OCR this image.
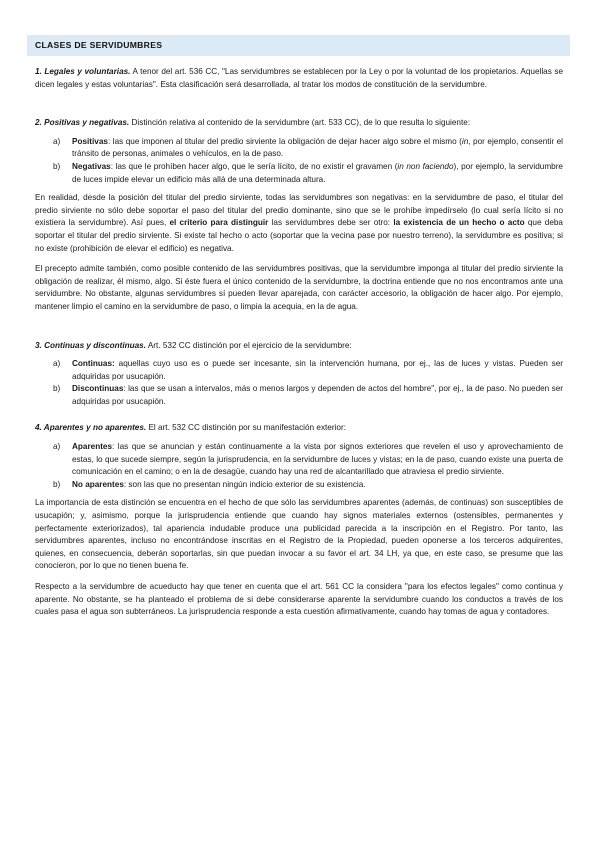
CLASES DE SERVIDUMBRES

1. Legales y voluntarias. A tenor del art. 536 CC, "Las servidumbres se establecen por la Ley o por la voluntad de los propietarios. Aquellas se dicen legales y estas voluntarias". Esta clasificación será desarrollada, al tratar los modos de constitución de la servidumbre.

2. Positivas y negativas. Distinción relativa al contenido de la servidumbre (art. 533 CC), de lo que resulta lo siguiente:

a) Positivas: las que imponen al titular del predio sirviente la obligación de dejar hacer algo sobre el mismo (in, por ejemplo, consentir el tránsito de personas, animales o vehículos, en la de paso.
b) Negativas: las que le prohíben hacer algo, que le sería lícito, de no existir el gravamen (in non faciendo), por ejemplo, la servidumbre de luces impide elevar un edificio más allá de una determinada altura.

En realidad, desde la posición del titular del predio sirviente, todas las servidumbres son negativas: en la servidumbre de paso, el titular del predio sirviente no sólo debe soportar el paso del titular del predio dominante, sino que se le prohíbe impedírselo (lo cual sería lícito si no existiera la servidumbre). Así pues, el criterio para distinguir las servidumbres debe ser otro: la existencia de un hecho o acto que deba soportar el titular del predio sirviente. Si existe tal hecho o acto (soportar que la vecina pase por nuestro terreno), la servidumbre es positiva; si no existe (prohibición de elevar el edificio) es negativa.

El precepto admite también, como posible contenido de las servidumbres positivas, que la servidumbre imponga al titular del predio sirviente la obligación de realizar, él mismo, algo. Si éste fuera el único contenido de la servidumbre, la doctrina entiende que no nos encontramos ante una servidumbre. No obstante, algunas servidumbres sí pueden llevar aparejada, con carácter accesorio, la obligación de hacer algo. Por ejemplo, mantener limpio el camino en la servidumbre de paso, o limpia la acequia, en la de agua.

3. Continuas y discontinuas. Art. 532 CC distinción por el ejercicio de la servidumbre:

a) Continuas: aquellas cuyo uso es o puede ser incesante, sin la intervención humana, por ej., las de luces y vistas. Pueden ser adquiridas por usucapión.
b) Discontinuas: las que se usan a intervalos, más o menos largos y dependen de actos del hombre", por ej., la de paso. No pueden ser adquiridas por usucapión.

4. Aparentes y no aparentes. El art. 532 CC distinción por su manifestación exterior:

a) Aparentes: las que se anuncian y están continuamente a la vista por signos exteriores que revelen el uso y aprovechamiento de estas, lo que sucede siempre, según la jurisprudencia, en la servidumbre de luces y vistas; en la de paso, cuando existe una puerta de comunicación en el camino; o en la de desagüe, cuando hay una red de alcantarillado que atraviesa el predio sirviente.
b) No aparentes: son las que no presentan ningún indicio exterior de su existencia.

La importancia de esta distinción se encuentra en el hecho de que sólo las servidumbres aparentes (además, de continuas) son susceptibles de usucapión; y, asimismo, porque la jurisprudencia entiende que cuando hay signos materiales externos (ostensibles, permanentes y perfectamente exteriorizados), tal apariencia indudable produce una publicidad parecida a la inscripción en el Registro. Por tanto, las servidumbres aparentes, incluso no encontrándose inscritas en el Registro de la Propiedad, pueden oponerse a los terceros adquirentes, quienes, en consecuencia, deberán soportarlas, sin que puedan invocar a su favor el art. 34 LH, ya que, en este caso, se presume que las conocieron, por lo que no tienen buena fe.

Respecto a la servidumbre de acueducto hay que tener en cuenta que el art. 561 CC la considera "para los efectos legales" como continua y aparente. No obstante, se ha planteado el problema de si debe considerarse aparente la servidumbre cuando los conductos a través de los cuales pasa el agua son subterráneos. La jurisprudencia responde a esta cuestión afirmativamente, cuando hay tomas de agua y contadores.
